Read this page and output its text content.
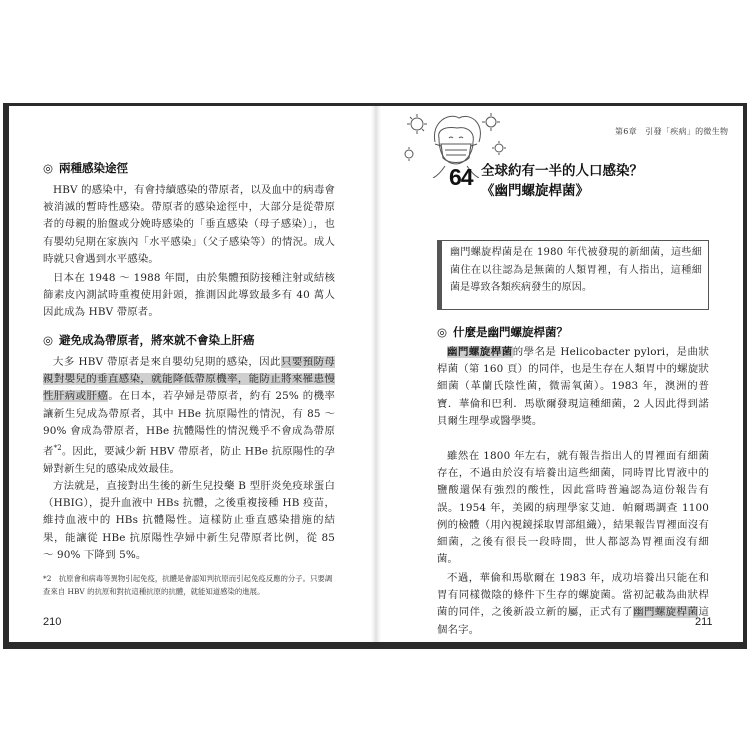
◎ 兩種感染途徑

HBV 的感染中，有會持續感染的帶原者，以及血中的病毒會被消滅的暫時性感染。帶原者的感染途徑中，大部分是從帶原者的母親的胎盤或分娩時感染的「垂直感染（母子感染）」，也有嬰幼兒期在家族內「水平感染」（父子感染等）的情況。成人時就只會遇到水平感染。

日本在 1948 ～ 1988 年間，由於集體預防接種注射或結核篩素皮內測試時重複使用針頭，推測因此導致最多有 40 萬人因此成為 HBV 帶原者。

◎ 避免成為帶原者，將來就不會染上肝癌

大多 HBV 帶原者是來自嬰幼兒期的感染，因此只要預防母親對嬰兒的垂直感染，就能降低帶原機率，能防止將來罹患慢性肝病或肝癌。在日本，若孕婦是帶原者，約有 25% 的機率讓新生兒成為帶原者，其中 HBe 抗原陽性的情況，有 85 ～ 90% 會成為帶原者，HBe 抗體陽性的情況幾乎不會成為帶原者$^{*2}$。因此，要減少新 HBV 帶原者，防止 HBe 抗原陽性的孕婦對新生兒的感染成效最佳。

方法就是，直接對出生後的新生兒投藥 B 型肝炎免疫球蛋白（HBIG），提升血液中 HBs 抗體，之後重複接種 HB 疫苗，維持血液中的 HBs 抗體陽性。這樣防止垂直感染措施的結果，能讓從 HBe 抗原陽性孕婦中新生兒帶原者比例，從 85 ～ 90% 下降到 5%。

*2　抗原會和病毒等異物引起免疫，抗體是會認知判抗原而引起免疫反應的分子。只要調查來自 HBV 的抗原和對抗這種抗原的抗體，就能知道感染的進展。

210
第6章　引發「疾病」的微生物
64 全球約有一半的人口感染？
《幽門螺旋桿菌》

幽門螺旋桿菌是在 1980 年代被發現的新細菌，這些細菌住在以往認為是無菌的人類胃裡，有人指出，這種細菌是導致各類疾病發生的原因。

◎ 什麼是幽門螺旋桿菌？

幽門螺旋桿菌的學名是 Helicobacter pylori，是曲狀桿菌（第 160 頁）的同伴，也是生存在人類胃中的螺旋狀細菌（革蘭氏陰性菌，微需氧菌）。1983 年，澳洲的普寶．華倫和巴利．馬歇爾發現這種細菌，2 人因此得到諾貝爾生理學或醫學獎。

雖然在 1800 年左右，就有報告指出人的胃裡面有細菌存在，不過由於沒有培養出這些細菌，同時胃比胃液中的鹽酸還保有強烈的酸性，因此當時普遍認為這份報告有誤。1954 年，美國的病理學家艾迪．帕爾瑪調查 1100 例的檢體（用內視鏡採取胃部組織），結果報告胃裡面沒有細菌，之後有很長一段時間，世人都認為胃裡面沒有細菌。

不過，華倫和馬歇爾在 1983 年，成功培養出只能在和胃有同樣微陰的條件下生存的螺旋菌。當初記載為曲狀桿菌的同伴，之後新設立新的屬，正式有了幽門螺旋桿菌這個名字。

211
